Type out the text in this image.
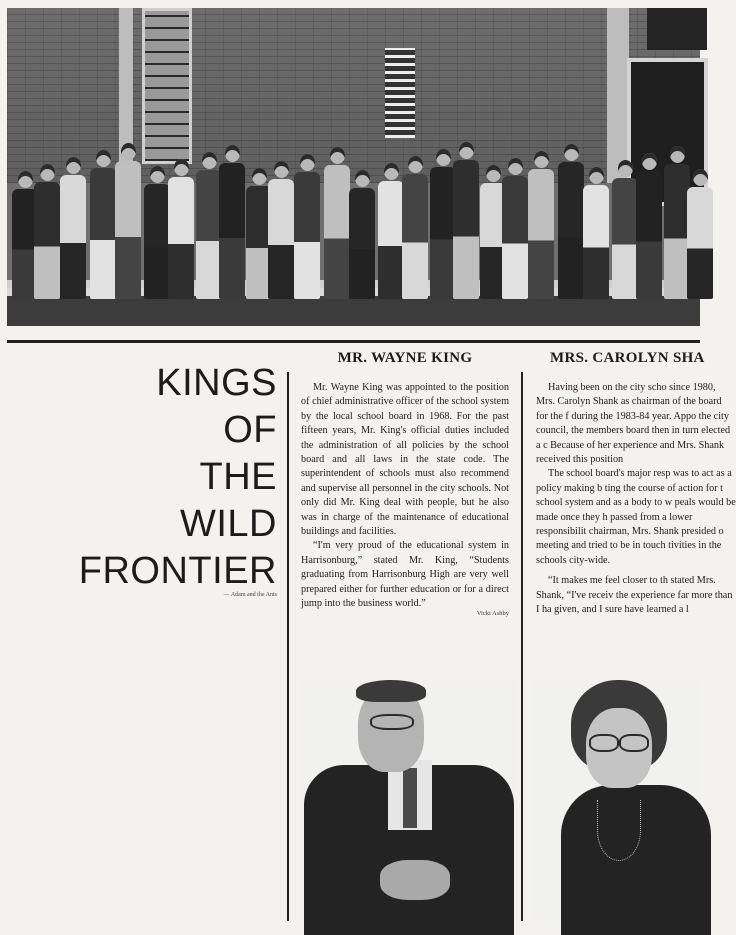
KINGS
OF
THE
WILD
FRONTIER
— Adam and the Ants
MR. WAYNE KING

Mr. Wayne King was appointed to the position of chief administrative officer of the school system by the local school board in 1968. For the past fifteen years, Mr. King's official duties included the administration of all policies by the school board and all laws in the state code. The superintendent of schools must also recommend and supervise all personnel in the city schools. Not only did Mr. King deal with people, but he also was in charge of the maintenance of educational buildings and facilities.

“I'm very proud of the educational system in Harrisonburg,” stated Mr. King, “Students graduating from Harrisonburg High are very well prepared either for further education or for a direct jump into the business world.”

Vicki Ashby
MRS. CAROLYN SHA

Having been on the city scho since 1980, Mrs. Carolyn Shank as chairman of the board for the f during the 1983-84 year. Appo the city council, the members board then in turn elected a c Because of her experience and Mrs. Shank received this position

The school board's major resp was to act as a policy making b ting the course of action for t school system and as a body to w peals would be made once they h passed from a lower responsibilit chairman, Mrs. Shank presided o meeting and tried to be in touch tivities in the schools city-wide.

“It makes me feel closer to th stated Mrs. Shank, “I've receiv the experience far more than I ha given, and I sure have learned a l
